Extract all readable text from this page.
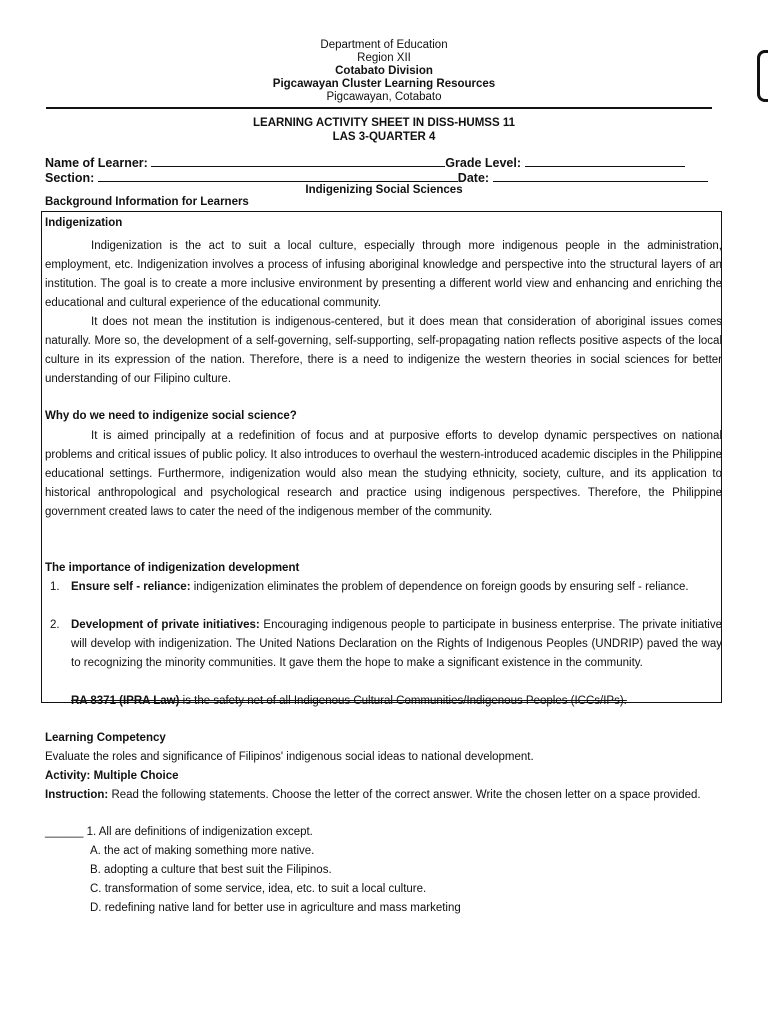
Department of Education
Region XII
Cotabato Division
Pigcawayan Cluster Learning Resources
Pigcawayan, Cotabato
LEARNING ACTIVITY SHEET IN DISS-HUMSS 11
LAS 3-QUARTER 4
Name of Learner:	Grade Level:
Section:	Date:
Indigenizing Social Sciences
Background Information for Learners
Indigenization
Indigenization is the act to suit a local culture, especially through more indigenous people in the administration, employment, etc. Indigenization involves a process of infusing aboriginal knowledge and perspective into the structural layers of an institution. The goal is to create a more inclusive environment by presenting a different world view and enhancing and enriching the educational and cultural experience of the educational community.
It does not mean the institution is indigenous-centered, but it does mean that consideration of aboriginal issues comes naturally. More so, the development of a self-governing, self-supporting, self-propagating nation reflects positive aspects of the local culture in its expression of the nation. Therefore, there is a need to indigenize the western theories in social sciences for better understanding of our Filipino culture.
Why do we need to indigenize social science?
It is aimed principally at a redefinition of focus and at purposive efforts to develop dynamic perspectives on national problems and critical issues of public policy. It also introduces to overhaul the western-introduced academic disciples in the Philippine educational settings. Furthermore, indigenization would also mean the studying ethnicity, society, culture, and its application to historical anthropological and psychological research and practice using indigenous perspectives. Therefore, the Philippine government created laws to cater the need of the indigenous member of the community.
The importance of indigenization development
1. Ensure self - reliance: indigenization eliminates the problem of dependence on foreign goods by ensuring self - reliance.
2. Development of private initiatives: Encouraging indigenous people to participate in business enterprise. The private initiative will develop with indigenization. The United Nations Declaration on the Rights of Indigenous Peoples (UNDRIP) paved the way to recognizing the minority communities. It gave them the hope to make a significant existence in the community.
RA 8371 (IPRA Law) is the safety net of all Indigenous Cultural Communities/Indigenous Peoples (ICCs/IPs).
Learning Competency
Evaluate the roles and significance of Filipinos' indigenous social ideas to national development.
Activity: Multiple Choice
Instruction: Read the following statements. Choose the letter of the correct answer. Write the chosen letter on a space provided.
______ 1. All are definitions of indigenization except.
A. the act of making something more native.
B. adopting a culture that best suit the Filipinos.
C. transformation of some service, idea, etc. to suit a local culture.
D. redefining native land for better use in agriculture and mass marketing
